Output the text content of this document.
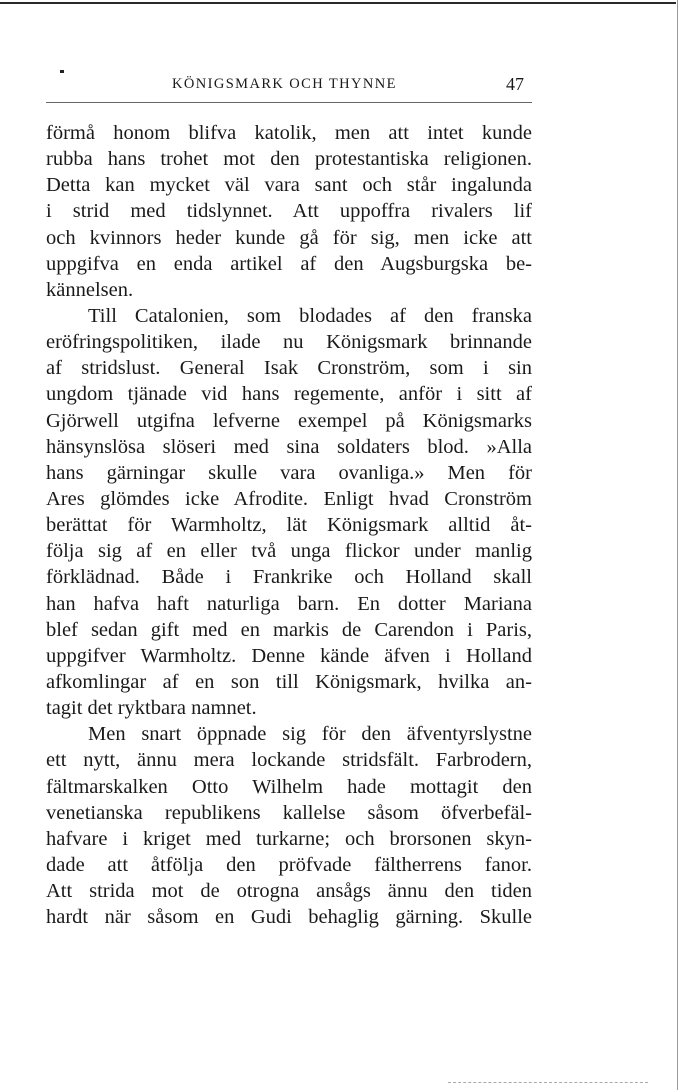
KÖNIGSMARK OCH THYNNE	47
förmå honom blifva katolik, men att intet kunde
rubba hans trohet mot den protestantiska religionen.
Detta kan mycket väl vara sant och står ingalunda
i strid med tidslynnet. Att uppoffra rivalers lif
och kvinnors heder kunde gå för sig, men icke att
uppgifva en enda artikel af den Augsburgska be-
kännelsen.
Till Catalonien, som blodades af den franska
eröfringspolitiken, ilade nu Königsmark brinnande
af stridslust. General Isak Cronström, som i sin
ungdom tjänade vid hans regemente, anför i sitt af
Gjörwell utgifna lefverne exempel på Königsmarks
hänsynslösa slöseri med sina soldaters blod. »Alla
hans gärningar skulle vara ovanliga.» Men för
Ares glömdes icke Afrodite. Enligt hvad Cronström
berättat för Warmholtz, lät Königsmark alltid åt-
följa sig af en eller två unga flickor under manlig
förklädnad. Både i Frankrike och Holland skall
han hafva haft naturliga barn. En dotter Mariana
blef sedan gift med en markis de Carendon i Paris,
uppgifver Warmholtz. Denne kände äfven i Holland
afkomlingar af en son till Königsmark, hvilka an-
tagit det ryktbara namnet.
Men snart öppnade sig för den äfventyrslystne
ett nytt, ännu mera lockande stridsfält. Farbrodern,
fältmarskalken Otto Wilhelm hade mottagit den
venetianska republikens kallelse såsom öfverbefäl-
hafvare i kriget med turkarne; och brorsonen skyn-
dade att åtfölja den pröfvade fältherrens fanor.
Att strida mot de otrogna ansågs ännu den tiden
hardt när såsom en Gudi behaglig gärning. Skulle
